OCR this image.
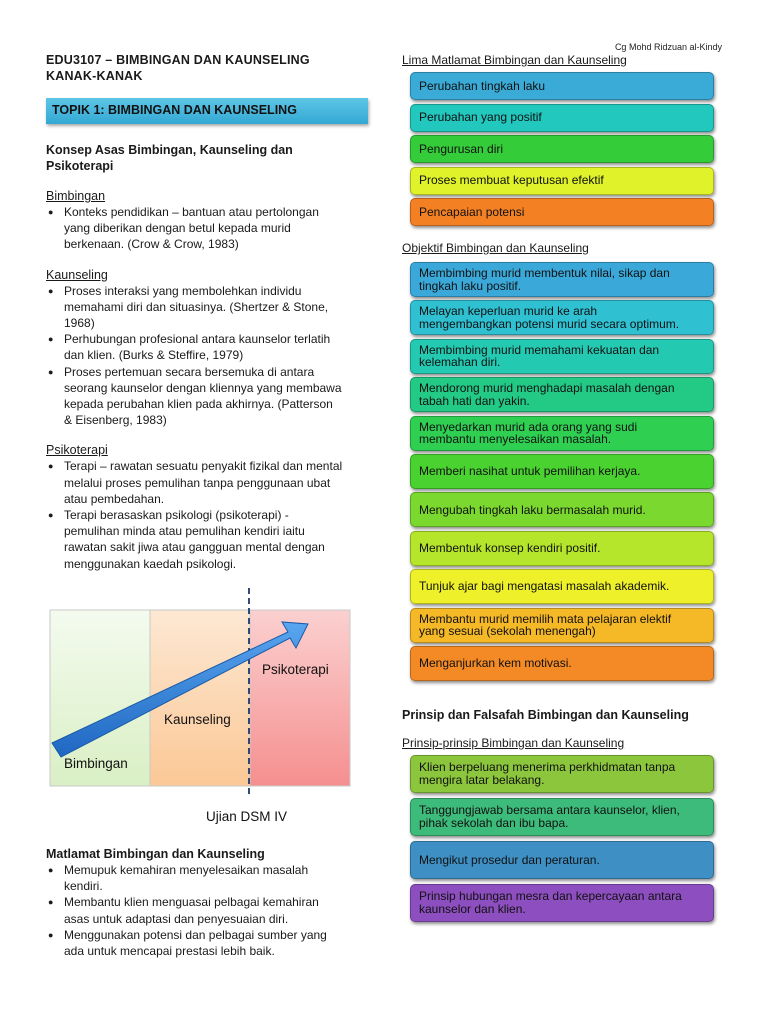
Cg Mohd Ridzuan al-Kindy
EDU3107 – BIMBINGAN DAN KAUNSELING
KANAK-KANAK
TOPIK 1: BIMBINGAN DAN KAUNSELING
Konsep Asas Bimbingan, Kaunseling dan
Psikoterapi
Bimbingan
● Konteks pendidikan – bantuan atau pertolongan
yang diberikan dengan betul kepada murid
berkenaan. (Crow & Crow, 1983)
Kaunseling
● Proses interaksi yang membolehkan individu
memahami diri dan situasinya. (Shertzer & Stone,
1968)
● Perhubungan profesional antara kaunselor terlatih
dan klien. (Burks & Steffire, 1979)
● Proses pertemuan secara bersemuka di antara
seorang kaunselor dengan kliennya yang membawa
kepada perubahan klien pada akhirnya. (Patterson
& Eisenberg, 1983)
Psikoterapi
● Terapi – rawatan sesuatu penyakit fizikal dan mental
melalui proses pemulihan tanpa penggunaan ubat
atau pembedahan.
● Terapi berasaskan psikologi (psikoterapi) -
pemulihan minda atau pemulihan kendiri iaitu
rawatan sakit jiwa atau gangguan mental dengan
menggunakan kaedah psikologi.
Bimbingan
Kaunseling
Psikoterapi
Ujian DSM IV
Matlamat Bimbingan dan Kaunseling
● Memupuk kemahiran menyelesaikan masalah
kendiri.
● Membantu klien menguasai pelbagai kemahiran
asas untuk adaptasi dan penyesuaian diri.
● Menggunakan potensi dan pelbagai sumber yang
ada untuk mencapai prestasi lebih baik.
Lima Matlamat Bimbingan dan Kaunseling
Perubahan tingkah laku
Perubahan yang positif
Pengurusan diri
Proses membuat keputusan efektif
Pencapaian potensi
Objektif Bimbingan dan Kaunseling
Membimbing murid membentuk nilai, sikap dan
tingkah laku positif.
Melayan keperluan murid ke arah
mengembangkan potensi murid secara optimum.
Membimbing murid memahami kekuatan dan
kelemahan diri.
Mendorong murid menghadapi masalah dengan
tabah hati dan yakin.
Menyedarkan murid ada orang yang sudi
membantu menyelesaikan masalah.
Memberi nasihat untuk pemilihan kerjaya.
Mengubah tingkah laku bermasalah murid.
Membentuk konsep kendiri positif.
Tunjuk ajar bagi mengatasi masalah akademik.
Membantu murid memilih mata pelajaran elektif
yang sesuai (sekolah menengah)
Menganjurkan kem motivasi.
Prinsip dan Falsafah Bimbingan dan Kaunseling
Prinsip-prinsip Bimbingan dan Kaunseling
Klien berpeluang menerima perkhidmatan tanpa
mengira latar belakang.
Tanggungjawab bersama antara kaunselor, klien,
pihak sekolah dan ibu bapa.
Mengikut prosedur dan peraturan.
Prinsip hubungan mesra dan kepercayaan antara
kaunselor dan klien.
